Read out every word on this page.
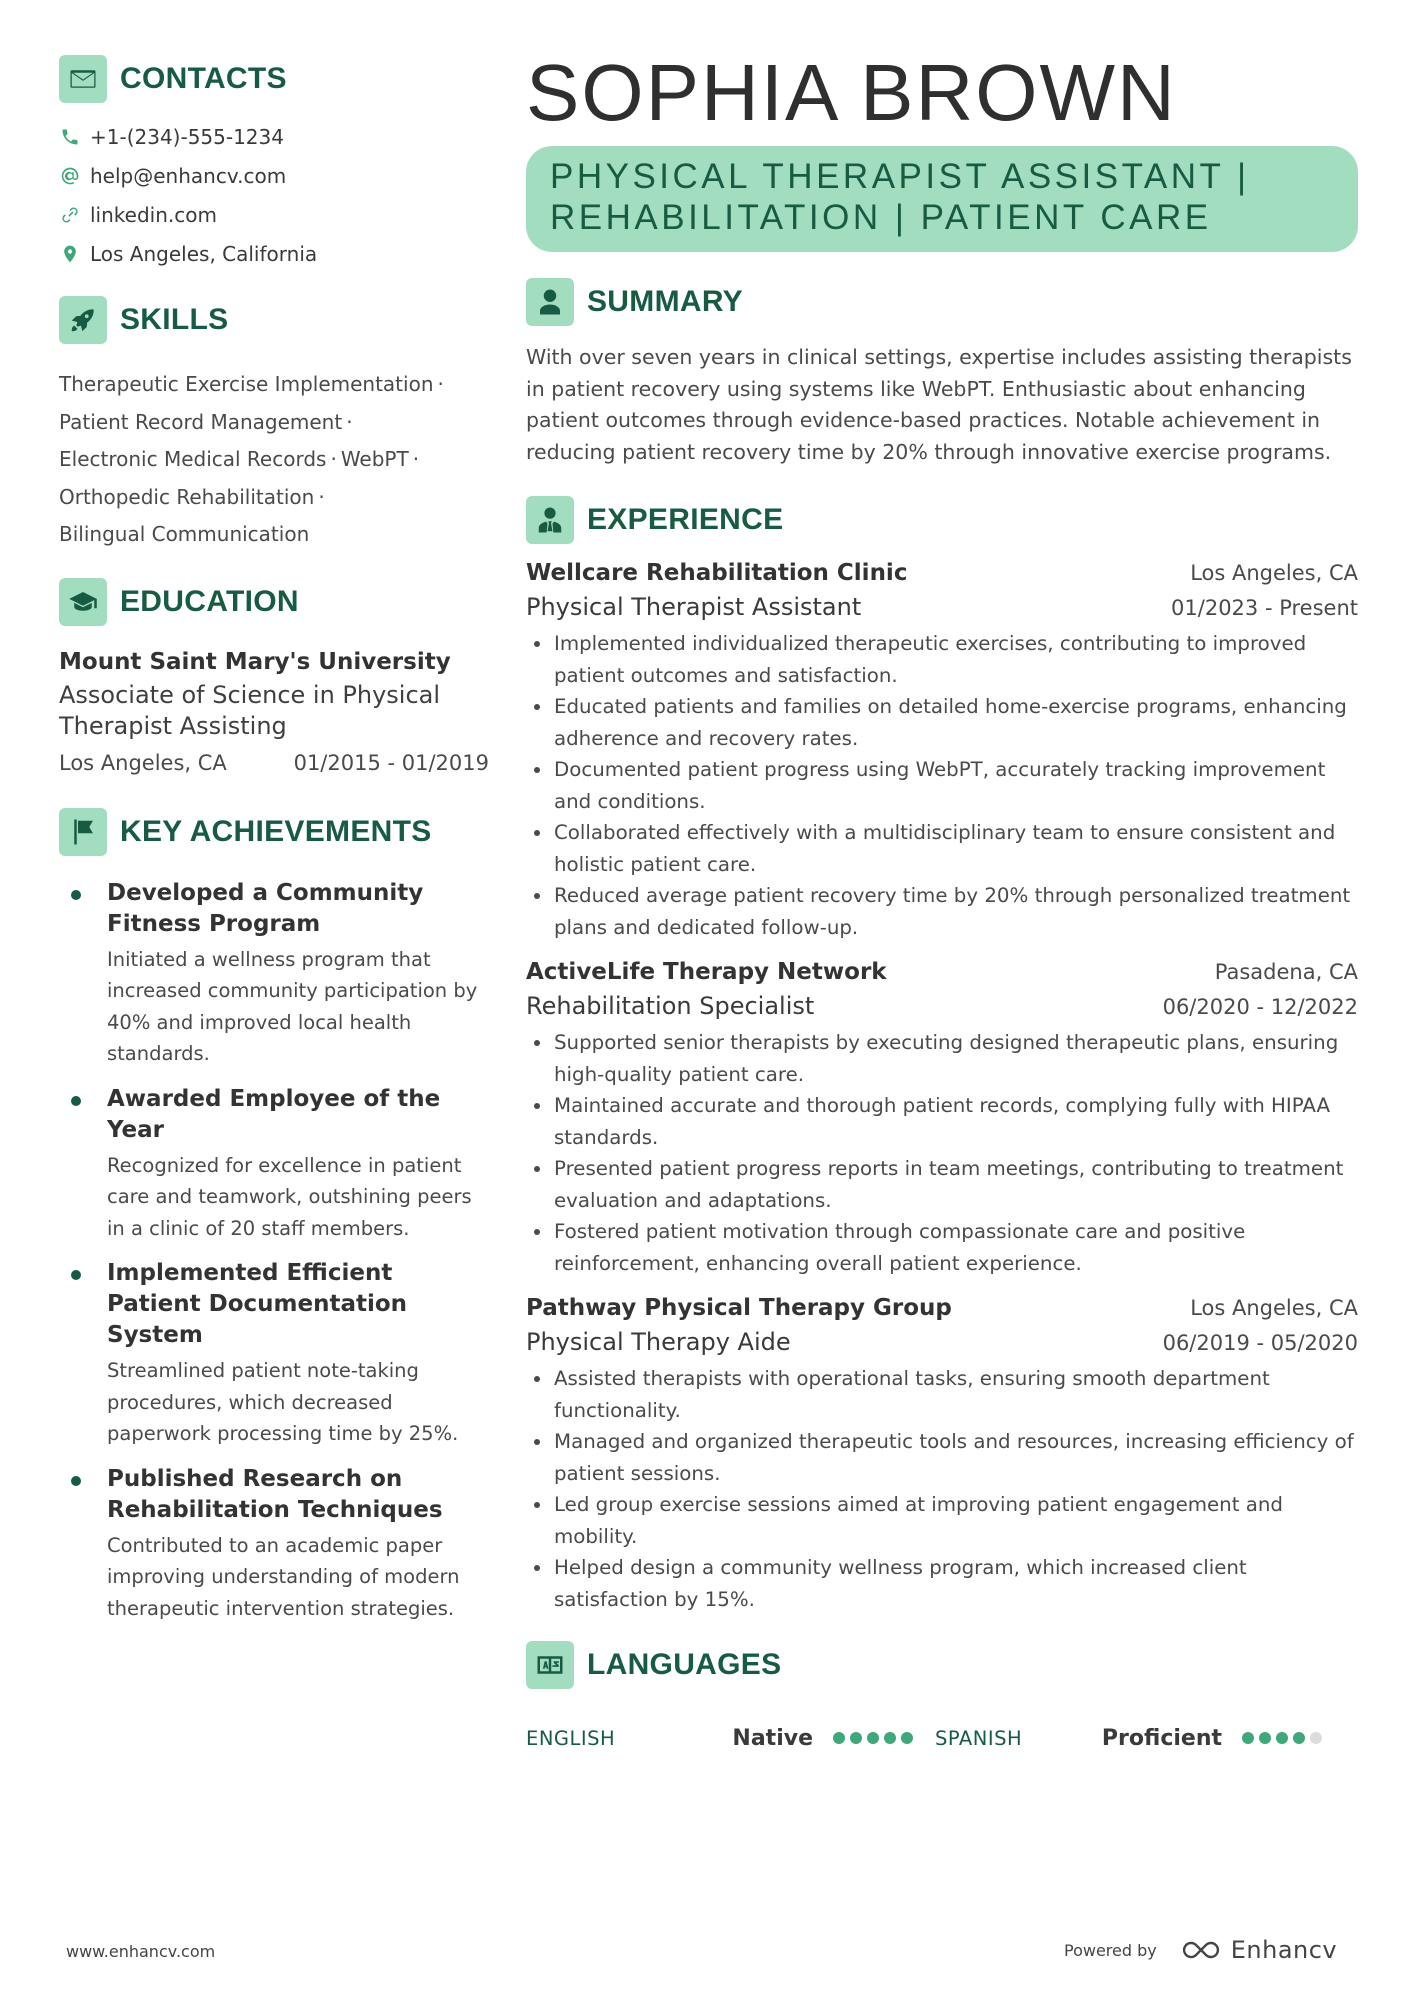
CONTACTS
+1-(234)-555-1234
help@enhancv.com
linkedin.com
Los Angeles, California
SKILLS
Therapeutic Exercise Implementation ·
Patient Record Management ·
Electronic Medical Records · WebPT ·
Orthopedic Rehabilitation ·
Bilingual Communication
EDUCATION
Mount Saint Mary's University
Associate of Science in Physical Therapist Assisting
Los Angeles, CA	01/2015 - 01/2019
KEY ACHIEVEMENTS
Developed a Community Fitness Program
Initiated a wellness program that increased community participation by 40% and improved local health standards.
Awarded Employee of the Year
Recognized for excellence in patient care and teamwork, outshining peers in a clinic of 20 staff members.
Implemented Efficient Patient Documentation System
Streamlined patient note-taking procedures, which decreased paperwork processing time by 25%.
Published Research on Rehabilitation Techniques
Contributed to an academic paper improving understanding of modern therapeutic intervention strategies.
SOPHIA BROWN
PHYSICAL THERAPIST ASSISTANT |
REHABILITATION | PATIENT CARE
SUMMARY
With over seven years in clinical settings, expertise includes assisting therapists in patient recovery using systems like WebPT. Enthusiastic about enhancing patient outcomes through evidence-based practices. Notable achievement in reducing patient recovery time by 20% through innovative exercise programs.
EXPERIENCE
Wellcare Rehabilitation Clinic	Los Angeles, CA
Physical Therapist Assistant	01/2023 - Present
Implemented individualized therapeutic exercises, contributing to improved patient outcomes and satisfaction.
Educated patients and families on detailed home-exercise programs, enhancing adherence and recovery rates.
Documented patient progress using WebPT, accurately tracking improvement and conditions.
Collaborated effectively with a multidisciplinary team to ensure consistent and holistic patient care.
Reduced average patient recovery time by 20% through personalized treatment plans and dedicated follow-up.
ActiveLife Therapy Network	Pasadena, CA
Rehabilitation Specialist	06/2020 - 12/2022
Supported senior therapists by executing designed therapeutic plans, ensuring high-quality patient care.
Maintained accurate and thorough patient records, complying fully with HIPAA standards.
Presented patient progress reports in team meetings, contributing to treatment evaluation and adaptations.
Fostered patient motivation through compassionate care and positive reinforcement, enhancing overall patient experience.
Pathway Physical Therapy Group	Los Angeles, CA
Physical Therapy Aide	06/2019 - 05/2020
Assisted therapists with operational tasks, ensuring smooth department functionality.
Managed and organized therapeutic tools and resources, increasing efficiency of patient sessions.
Led group exercise sessions aimed at improving patient engagement and mobility.
Helped design a community wellness program, which increased client satisfaction by 15%.
LANGUAGES
ENGLISH	Native	SPANISH	Proficient
www.enhancv.com	Powered by	Enhancv
